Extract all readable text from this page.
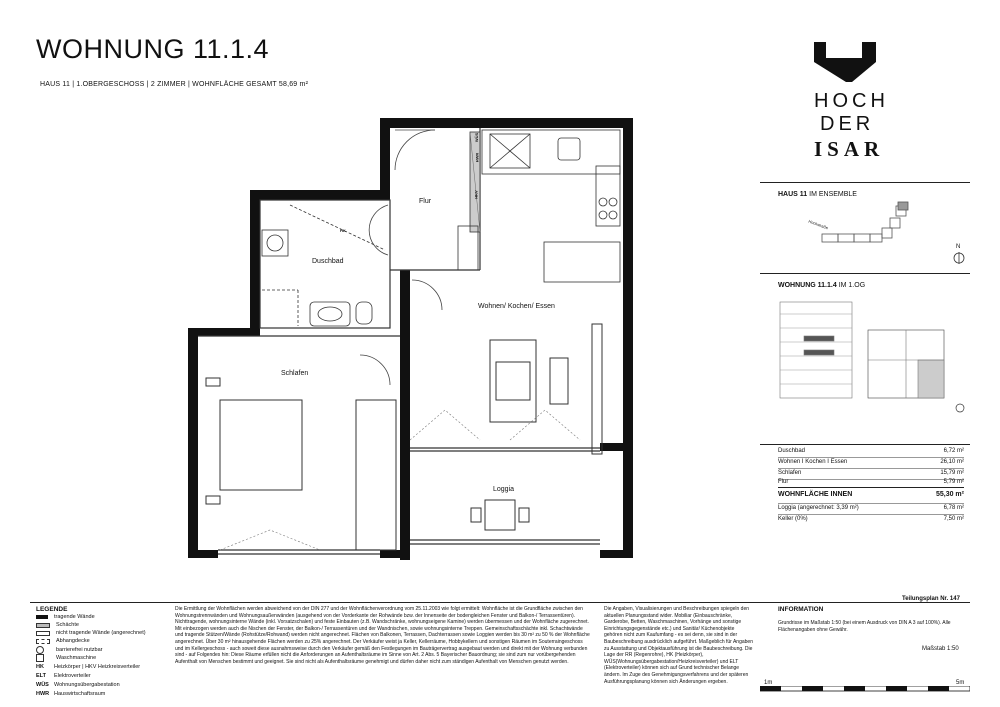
WOHNUNG 11.1.4
HAUS 11 | 1.OBERGESCHOSS | 2 ZIMMER | WOHNFLÄCHE GESAMT 58,69 m²
HOCH
DER
ISAR
Flur
Duschbad
Wohnen/ Kochen/ Essen
Schlafen
Loggia
WÜS
HWR
HKV
HK
HAUS 11 IM ENSEMBLE
Hochstraße
N
WOHNUNG 11.1.4 IM 1.OG
Duschbad	6,72 m²
Wohnen I Kochen I Essen	26,10 m²
Schlafen	15,79 m²
Flur	5,79 m²
WOHNFLÄCHE INNEN	55,30 m²
Loggia (angerechnet: 3,39 m²)	6,78 m²
Keller (0%)	7,50 m²
Teilungsplan Nr. 147
LEGENDE
tragende Wände
Schächte
nicht tragende Wände (angerechnet)
Abhangdecke
barrierefrei nutzbar
Waschmaschine
HK	Heizkörper | HKV Heizkreisverteiler
ELT	Elektroverteiler
WÜS Wohnungsübergabestation
HWR Hauswirtschaftsraum
Die Ermittlung der Wohnflächen werden abweichend von der DIN 277 und der Wohnflächenverordnung vom 25.11.2003 wie folgt ermittelt: Wohnfläche ist die Grundfläche zwischen den Wohnungstrennwänden und Wohnungsaußenwänden (ausgehend von der Vorderkante der Rohwände bzw. der Innenseite der bodengleichen Fenster und Balkon-/ Terrassentüren). Nichttragende, wohnungsinterne Wände (inkl. Vorsatzschalen) und feste Einbauten (z.B. Wandschränke, wohnungseigene Kamine) werden übermessen und der Wohnfläche zugerechnet. Mit einbezogen werden auch die Nischen der Fenster, der Balkon-/ Terrassentüren und der Wandnischen, sowie wohnungsinterne Treppen. Gemeinschaftsschächte inkl. Schachtwände und tragende Stützen/Wände (Rohstütze/Rohwand) werden nicht angerechnet. Flächen von Balkonen, Terrassen, Dachterrassen sowie Loggien werden bis 30 m² zu 50 % der Wohnfläche angerechnet. Über 30 m² hinausgehende Flächen werden zu 25% angerechnet. Der Verkäufer weist ja Keller, Kellerräume, Hobbykellern und sonstigen Räumen im Souterraingeschoss und im Kellergeschoss - auch soweit diese ausnahmsweise durch den Verkäufer gemäß den Festlegungen im Bauträgervertrag ausgebaut werden und direkt mit der Wohnung verbunden sind - auf Folgendes hin: Diese Räume erfüllen nicht die Anforderungen an Aufenthaltsräume im Sinne von Art. 2 Abs. 5 Bayerischer Bauordnung; sie sind zum nur vorübergehenden Aufenthalt von Menschen bestimmt und geeignet. Sie sind nicht als Aufenthaltsräume genehmigt und dürfen daher nicht zum ständigen Aufenthalt von Menschen genutzt werden.
Die Angaben, Visualisierungen und Beschreibungen spiegeln den aktuellen Planungsstand wider. Mobiliar (Einbauschränke, Garderobe, Betten, Waschmaschinen, Vorhänge und sonstige Einrichtungsgegenstände etc.) und Sanitär/ Küchenobjekte gehören nicht zum Kaufumfang - es sei denn, sie sind in der Baubeschreibung ausdrücklich aufgeführt. Maßgeblich für Angaben zu Ausstattung und Objektausführung ist die Baubeschreibung. Die Lage der RR (Regenrohre), HK (Heizkörper), WÜS(Wohnungsübergabestation/Heizkreisverteiler) und ELT (Elektroverteiler) können sich auf Grund technischer Belange ändern. Im Zuge des Genehmigungsverfahrens und der späteren Ausführungsplanung können sich Änderungen ergeben.
INFORMATION
Grundrisse im Maßstab 1:50 (bei einem Ausdruck von DIN A 3 auf 100%). Alle Flächenangaben ohne Gewähr.
Maßstab 1:50
1m	5m
